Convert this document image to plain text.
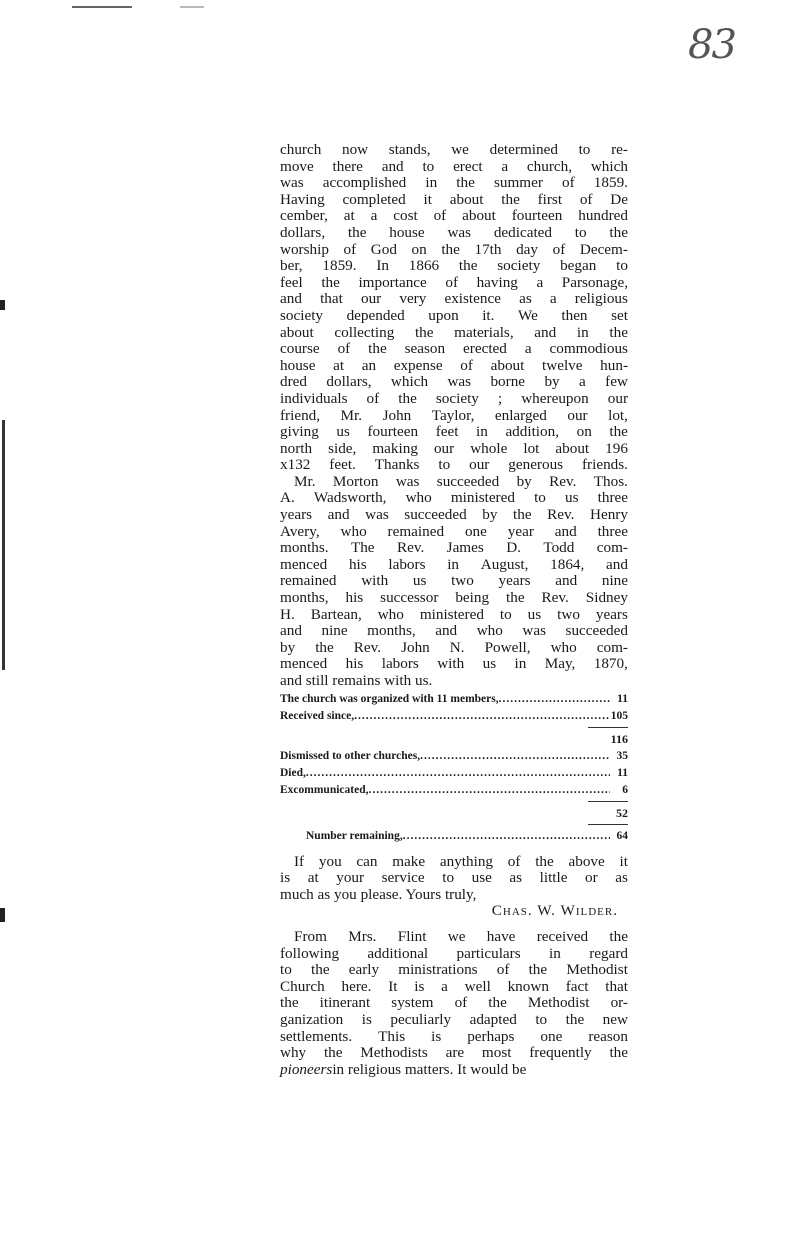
83
church now stands, we determined to re-
move there and to erect a church, which
was accomplished in the summer of 1859.
Having completed it about the first of De
cember, at a cost of about fourteen hundred
dollars, the house was dedicated to the
worship of God on the 17th day of Decem-
ber, 1859. In 1866 the society began to
feel the importance of having a Parsonage,
and that our very existence as a religious
society depended upon it. We then set
about collecting the materials, and in the
course of the season erected a commodious
house at an expense of about twelve hun-
dred dollars, which was borne by a few
individuals of the society ; whereupon our
friend, Mr. John Taylor, enlarged our lot,
giving us fourteen feet in addition, on the
north side, making our whole lot about 196
x132 feet. Thanks to our generous friends.
Mr. Morton was succeeded by Rev. Thos.
A. Wadsworth, who ministered to us three
years and was succeeded by the Rev. Henry
Avery, who remained one year and three
months. The Rev. James D. Todd com-
menced his labors in August, 1864, and
remained with us two years and nine
months, his successor being the Rev. Sidney
H. Bartean, who ministered to us two years
and nine months, and who was succeeded
by the Rev. John N. Powell, who com-
menced his labors with us in May, 1870,
and still remains with us.
The church was organized with 11 members, .....	11
Received since, .....	105
116
Dismissed to other churches, .....	35
Died, .....	11
Excommunicated, .....	6
52
Number remaining, .....	64
If you can make anything of the above it
is at your service to use as little or as
much as you please. Yours truly,
Chas. W. Wilder.
From Mrs. Flint we have received the
following additional particulars in regard
to the early ministrations of the Methodist
Church here. It is a well known fact that
the itinerant system of the Methodist or-
ganization is peculiarly adapted to the new
settlements. This is perhaps one reason
why the Methodists are most frequently the
pioneers in religious matters. It would be
